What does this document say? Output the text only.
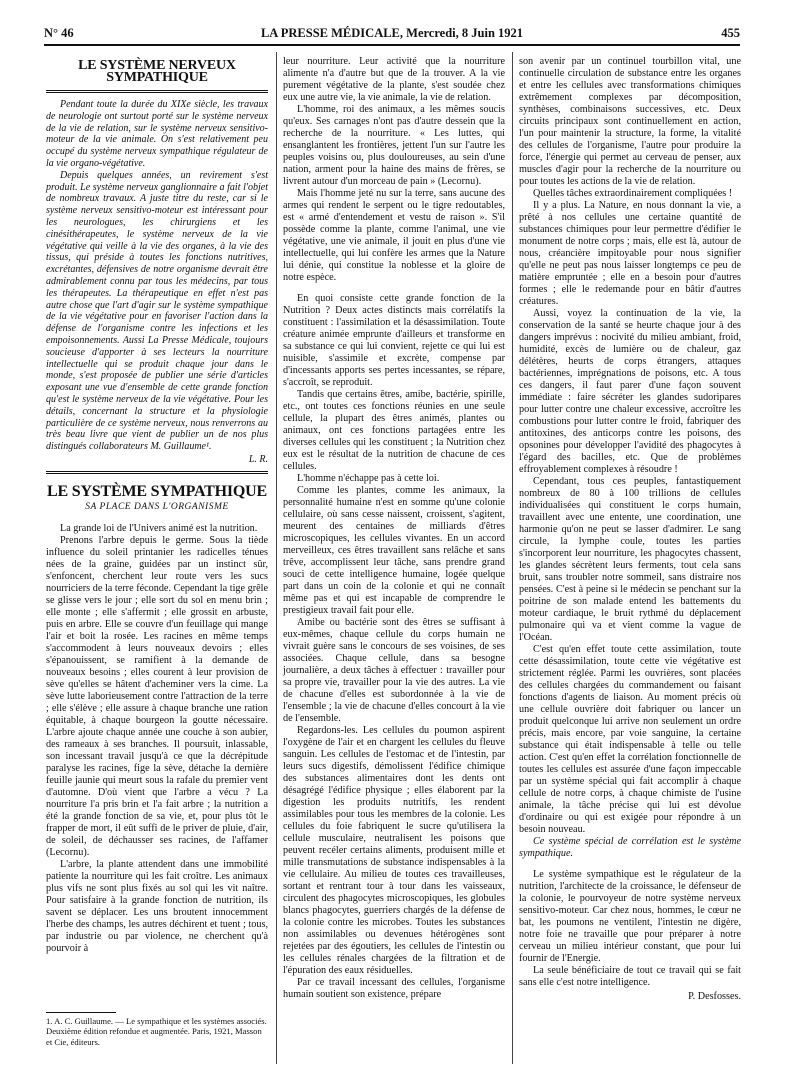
N° 46	LA PRESSE MÉDICALE, Mercredi, 8 Juin 1921	455
LE SYSTÈME NERVEUX SYMPATHIQUE

Pendant toute la durée du XIXe siècle, les travaux de neurologie ont surtout porté sur le système nerveux de la vie de relation, sur le système nerveux sensitivo-moteur de la vie animale. On s'est relativement peu occupé du système nerveux sympathique régulateur de la vie organo-végétative.

Depuis quelques années, un revirement s'est produit. Le système nerveux ganglionnaire a fait l'objet de nombreux travaux. A juste titre du reste, car si le système nerveux sensitivo-moteur est intéressant pour les neurologues, les chirurgiens et les cinésithérapeutes, le système nerveux de la vie végétative qui veille à la vie des organes, à la vie des tissus, qui préside à toutes les fonctions nutritives, excrétantes, défensives de notre organisme devrait être admirablement connu par tous les médecins, par tous les thérapeutes. La thérapeutique en effet n'est pas autre chose que l'art d'agir sur le système sympathique de la vie végétative pour en favoriser l'action dans la défense de l'organisme contre les infections et les empoisonnements. Aussi La Presse Médicale, toujours soucieuse d'apporter à ses lecteurs la nourriture intellectuelle qui se produit chaque jour dans le monde, s'est proposée de publier une série d'articles exposant une vue d'ensemble de cette grande fonction qu'est le système nerveux de la vie végétative. Pour les détails, concernant la structure et la physiologie particulière de ce système nerveux, nous renverrons au très beau livre que vient de publier un de nos plus distingués collaborateurs M. Guillaume¹.

L. R.
LE SYSTÈME SYMPATHIQUE
SA PLACE DANS L'ORGANISME

La grande loi de l'Univers animé est la nutrition.

Prenons l'arbre depuis le germe. Sous la tiède influence du soleil printanier les radicelles ténues nées de la graine, guidées par un instinct sûr, s'enfoncent, cherchent leur route vers les sucs nourriciers de la terre féconde. Cependant la tige grêle se glisse vers le jour ; elle sort du sol en menu brin ; elle monte ; elle s'affermit ; elle grossit en arbuste, puis en arbre. Elle se couvre d'un feuillage qui mange l'air et boit la rosée. Les racines en même temps s'accommodent à leurs nouveaux devoirs ; elles s'épanouissent, se ramifient à la demande de nouveaux besoins ; elles courent à leur provision de sève qu'elles se hâtent d'acheminer vers la cime. La sève lutte laborieusement contre l'attraction de la terre ; elle s'élève ; elle assure à chaque branche une ration équitable, à chaque bourgeon la goutte nécessaire. L'arbre ajoute chaque année une couche à son aubier, des rameaux à ses branches. Il poursuit, inlassable, son incessant travail jusqu'à ce que la décrépitude paralyse les racines, fige la sève, détache la dernière feuille jaunie qui meurt sous la rafale du premier vent d'automne. D'où vient que l'arbre a vécu ? La nourriture l'a pris brin et l'a fait arbre ; la nutrition a été la grande fonction de sa vie, et, pour plus tôt le frapper de mort, il eût suffi de le priver de pluie, d'air, de soleil, de déchausser ses racines, de l'affamer (Lecornu).

L'arbre, la plante attendent dans une immobilité patiente la nourriture qui les fait croître. Les animaux plus vifs ne sont plus fixés au sol qui les vit naître. Pour satisfaire à la grande fonction de nutrition, ils savent se déplacer. Les uns broutent innocemment l'herbe des champs, les autres déchirent et tuent ; tous, par industrie ou par violence, ne cherchent qu'à pourvoir à

1. A. C. Guillaume. — Le sympathique et les systèmes associés. Deuxième édition refondue et augmentée. Paris, 1921, Masson et Cie, éditeurs.

leur nourriture. Leur activité que la nourriture alimente n'a d'autre but que de la trouver. A la vie purement végétative de la plante, s'est soudée chez eux une autre vie, la vie animale, la vie de relation.

L'homme, roi des animaux, a les mêmes soucis qu'eux. Ses carnages n'ont pas d'autre dessein que la recherche de la nourriture. « Les luttes, qui ensanglantent les frontières, jettent l'un sur l'autre les peuples voisins ou, plus douloureuses, au sein d'une nation, arment pour la haine des mains de frères, se livrent autour d'un morceau de pain » (Lecornu).

Mais l'homme jeté nu sur la terre, sans aucune des armes qui rendent le serpent ou le tigre redoutables, est « armé d'entendement et vestu de raison ». S'il possède comme la plante, comme l'animal, une vie végétative, une vie animale, il jouit en plus d'une vie intellectuelle, qui lui confère les armes que la Nature lui dénie, qui constitue la noblesse et la gloire de notre espèce.

En quoi consiste cette grande fonction de la Nutrition ? Deux actes distincts mais corrélatifs la constituent : l'assimilation et la désassimilation. Toute créature animée emprunte d'ailleurs et transforme en sa substance ce qui lui convient, rejette ce qui lui est nuisible, s'assimile et excrète, compense par d'incessants apports ses pertes incessantes, se répare, s'accroît, se reproduit.

Tandis que certains êtres, amibe, bactérie, spirille, etc., ont toutes ces fonctions réunies en une seule cellule, la plupart des êtres animés, plantes ou animaux, ont ces fonctions partagées entre les diverses cellules qui les constituent ; la Nutrition chez eux est le résultat de la nutrition de chacune de ces cellules.

L'homme n'échappe pas à cette loi.

Comme les plantes, comme les animaux, la personnalité humaine n'est en somme qu'une colonie cellulaire, où sans cesse naissent, croissent, s'agitent, meurent des centaines de milliards d'êtres microscopiques, les cellules vivantes. En un accord merveilleux, ces êtres travaillent sans relâche et sans trêve, accomplissent leur tâche, sans prendre grand souci de cette intelligence humaine, logée quelque part dans un coin de la colonie et qui ne connaît même pas et qui est incapable de comprendre le prestigieux travail fait pour elle.

Amibe ou bactérie sont des êtres se suffisant à eux-mêmes, chaque cellule du corps humain ne vivrait guère sans le concours de ses voisines, de ses associées. Chaque cellule, dans sa besogne journalière, a deux tâches à effectuer : travailler pour sa propre vie, travailler pour la vie des autres. La vie de chacune d'elles est subordonnée à la vie de l'ensemble ; la vie de chacune d'elles concourt à la vie de l'ensemble.

Regardons-les. Les cellules du poumon aspirent l'oxygène de l'air et en chargent les cellules du fleuve sanguin. Les cellules de l'estomac et de l'intestin, par leurs sucs digestifs, démolissent l'édifice chimique des substances alimentaires dont les dents ont désagrégé l'édifice physique ; elles élaborent par la digestion les produits nutritifs, les rendent assimilables pour tous les membres de la colonie. Les cellules du foie fabriquent le sucre qu'utilisera la cellule musculaire, neutralisent les poisons que peuvent recéler certains aliments, produisent mille et mille transmutations de substance indispensables à la vie cellulaire. Au milieu de toutes ces travailleuses, sortant et rentrant tour à tour dans les vaisseaux, circulent des phagocytes microscopiques, les globules blancs phagocytes, guerriers chargés de la défense de la colonie contre les microbes. Toutes les substances non assimilables ou devenues hétérogènes sont rejetées par des égoutiers, les cellules de l'intestin ou les cellules rénales chargées de la filtration et de l'épuration des eaux résiduelles.

Par ce travail incessant des cellules, l'organisme humain soutient son existence, prépare

son avenir par un continuel tourbillon vital, une continuelle circulation de substance entre les organes et entre les cellules avec transformations chimiques extrêmement complexes par décomposition, synthèses, combinaisons successives, etc. Deux circuits principaux sont continuellement en action, l'un pour maintenir la structure, la forme, la vitalité des cellules de l'organisme, l'autre pour produire la force, l'énergie qui permet au cerveau de penser, aux muscles d'agir pour la recherche de la nourriture ou pour toutes les actions de la vie de relation.

Quelles tâches extraordinairement compliquées !

Il y a plus. La Nature, en nous donnant la vie, a prêté à nos cellules une certaine quantité de substances chimiques pour leur permettre d'édifier le monument de notre corps ; mais, elle est là, autour de nous, créancière impitoyable pour nous signifier qu'elle ne peut pas nous laisser longtemps ce peu de matière empruntée ; elle en a besoin pour d'autres formes ; elle le redemande pour en bâtir d'autres créatures.

Aussi, voyez la continuation de la vie, la conservation de la santé se heurte chaque jour à des dangers imprévus : nocivité du milieu ambiant, froid, humidité, excès de lumière ou de chaleur, gaz délétères, heurts de corps étrangers, attaques bactériennes, imprégnations de poisons, etc. A tous ces dangers, il faut parer d'une façon souvent immédiate : faire sécréter les glandes sudoripares pour lutter contre une chaleur excessive, accroître les combustions pour lutter contre le froid, fabriquer des antitoxines, des anticorps contre les poisons, des opsonines pour développer l'avidité des phagocytes à l'égard des bacilles, etc. Que de problèmes effroyablement complexes à résoudre !

Cependant, tous ces peuples, fantastiquement nombreux de 80 à 100 trillions de cellules individualisées qui constituent le corps humain, travaillent avec une entente, une coordination, une harmonie qu'on ne peut se lasser d'admirer. Le sang circule, la lymphe coule, toutes les parties s'incorporent leur nourriture, les phagocytes chassent, les glandes sécrètent leurs ferments, tout cela sans bruit, sans troubler notre sommeil, sans distraire nos pensées. C'est à peine si le médecin se penchant sur la poitrine de son malade entend les battements du moteur cardiaque, le bruit rythmé du déplacement pulmonaire qui va et vient comme la vague de l'Océan.

C'est qu'en effet toute cette assimilation, toute cette désassimilation, toute cette vie végétative est strictement réglée. Parmi les ouvrières, sont placées des cellules chargées du commandement ou faisant fonctions d'agents de liaison. Au moment précis où une cellule ouvrière doit fabriquer ou lancer un produit quelconque lui arrive non seulement un ordre précis, mais encore, par voie sanguine, la certaine substance qui était indispensable à telle ou telle action. C'est qu'en effet la corrélation fonctionnelle de toutes les cellules est assurée d'une façon impeccable par un système spécial qui fait accomplir à chaque cellule de notre corps, à chaque chimiste de l'usine animale, la tâche précise qui lui est dévolue d'ordinaire ou qui est exigée pour répondre à un besoin nouveau.

Ce système spécial de corrélation est le système sympathique.

Le système sympathique est le régulateur de la nutrition, l'architecte de la croissance, le défenseur de la colonie, le pourvoyeur de notre système nerveux sensitivo-moteur. Car chez nous, hommes, le cœur ne bat, les poumons ne ventilent, l'intestin ne digère, notre foie ne travaille que pour préparer à notre cerveau un milieu intérieur constant, que pour lui fournir de l'Energie.

La seule bénéficiaire de tout ce travail qui se fait sans elle c'est notre intelligence.

P. Desfosses.
